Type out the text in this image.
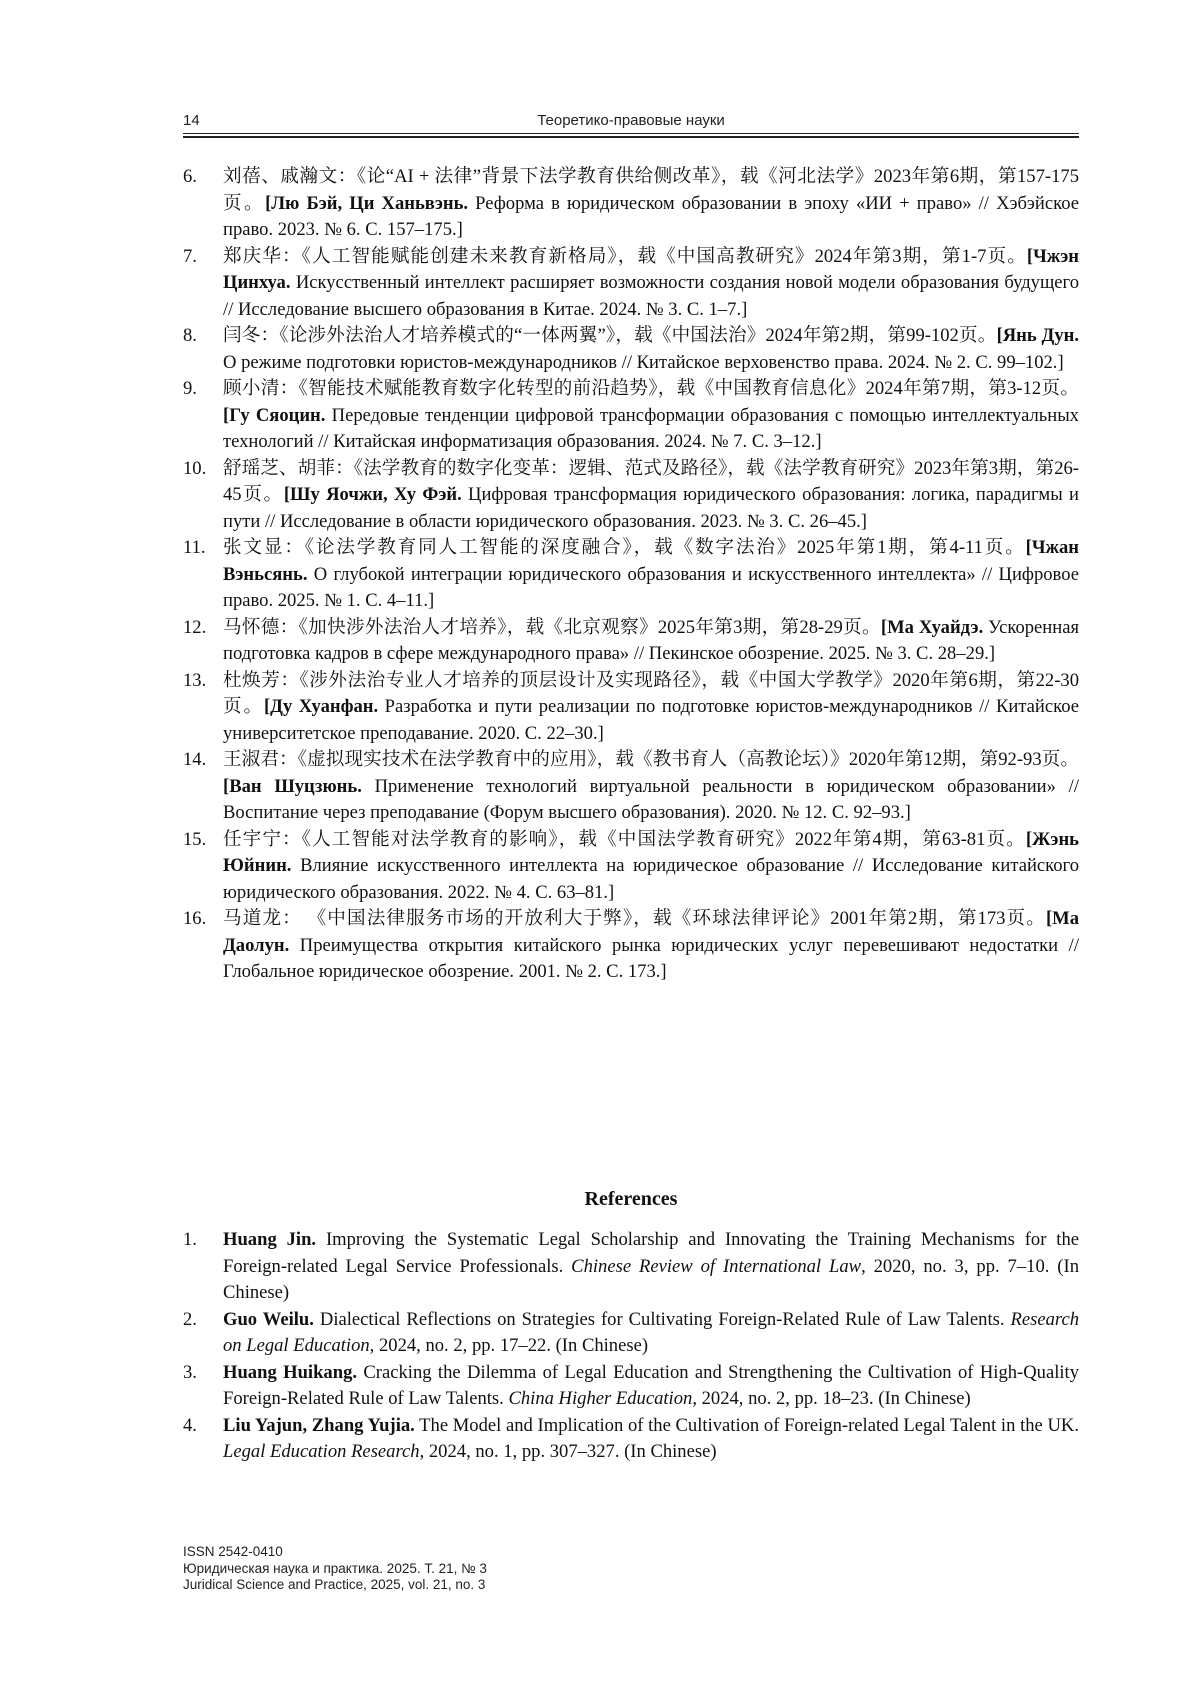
14	Теоретико-правовые науки
6. 刘蓓、戚瀚文：《论“AI + 法律”背景下法学教育供给侧改革》，载《河北法学》2023年第6期，第157-175页。[Лю Бэй, Ци Ханьвэнь. Реформа в юридическом образовании в эпоху «ИИ + право» // Хэбэйское право. 2023. № 6. С. 157–175.]
7. 郑庆华：《人工智能赋能创建未来教育新格局》，载《中国高教研究》2024年第3期，第1-7页。[Чжэн Цинхуа. Искусственный интеллект расширяет возможности создания новой модели образования будущего // Исследование высшего образования в Китае. 2024. № 3. С. 1–7.]
8. 闫冬：《论涉外法治人才培养模式的“一体两翼”》，载《中国法治》2024年第2期，第99-102页。[Янь Дун. О режиме подготовки юристов-международников // Китайское верховенство права. 2024. № 2. С. 99–102.]
9. 顾小清：《智能技术赋能教育数字化转型的前沿趋势》，载《中国教育信息化》2024年第7期，第3-12页。[Гу Сяоцин. Передовые тенденции цифровой трансформации образования с помощью интеллектуальных технологий // Китайская информатизация образования. 2024. № 7. С. 3–12.]
10. 舒瑶芝、胡菲：《法学教育的数字化变革：逻辑、范式及路径》，载《法学教育研究》2023年第3期，第26-45页。[Шу Яочжи, Ху Фэй. Цифровая трансформация юридического образования: логика, парадигмы и пути // Исследование в области юридического образования. 2023. № 3. С. 26–45.]
11. 张文显：《论法学教育同人工智能的深度融合》，载《数字法治》2025年第1期，第4-11页。[Чжан Вэньсянь. О глубокой интеграции юридического образования и искусственного интеллекта» // Цифровое право. 2025. № 1. С. 4–11.]
12. 马怀德：《加快涉外法治人才培养》，载《北京观察》2025年第3期，第28-29页。[Ма Хуайдэ. Ускоренная подготовка кадров в сфере международного права» // Пекинское обозрение. 2025. № 3. С. 28–29.]
13. 杜焕芳：《涉外法治专业人才培养的顶层设计及实现路径》，载《中国大学教学》2020年第6期，第22-30页。[Ду Хуанфан. Разработка и пути реализации по подготовке юристов-международников // Китайское университетское преподавание. 2020. С. 22–30.]
14. 王淑君：《虚拟现实技术在法学教育中的应用》，载《教书育人（高教论坛）》2020年第12期，第92-93页。[Ван Шуцзюнь. Применение технологий виртуальной реальности в юридическом образовании» // Воспитание через преподавание (Форум высшего образования). 2020. № 12. С. 92–93.]
15. 任宇宁：《人工智能对法学教育的影响》，载《中国法学教育研究》2022年第4期，第63-81页。[Жэнь Юйнин. Влияние искусственного интеллекта на юридическое образование // Исследование китайского юридического образования. 2022. № 4. С. 63–81.]
16. 马道龙： 《中国法律服务市场的开放利大于弊》，载《环球法律评论》2001年第2期，第173页。[Ма Даолун. Преимущества открытия китайского рынка юридических услуг перевешивают недостатки // Глобальное юридическое обозрение. 2001. № 2. С. 173.]
References
1. Huang Jin. Improving the Systematic Legal Scholarship and Innovating the Training Mechanisms for the Foreign-related Legal Service Professionals. Chinese Review of International Law, 2020, no. 3, pp. 7–10. (In Chinese)
2. Guo Weilu. Dialectical Reflections on Strategies for Cultivating Foreign-Related Rule of Law Talents. Research on Legal Education, 2024, no. 2, pp. 17–22. (In Chinese)
3. Huang Huikang. Cracking the Dilemma of Legal Education and Strengthening the Cultivation of High-Quality Foreign-Related Rule of Law Talents. China Higher Education, 2024, no. 2, pp. 18–23. (In Chinese)
4. Liu Yajun, Zhang Yujia. The Model and Implication of the Cultivation of Foreign-related Legal Talent in the UK. Legal Education Research, 2024, no. 1, pp. 307–327. (In Chinese)
ISSN 2542-0410
Юридическая наука и практика. 2025. Т. 21, № 3
Juridical Science and Practice, 2025, vol. 21, no. 3
